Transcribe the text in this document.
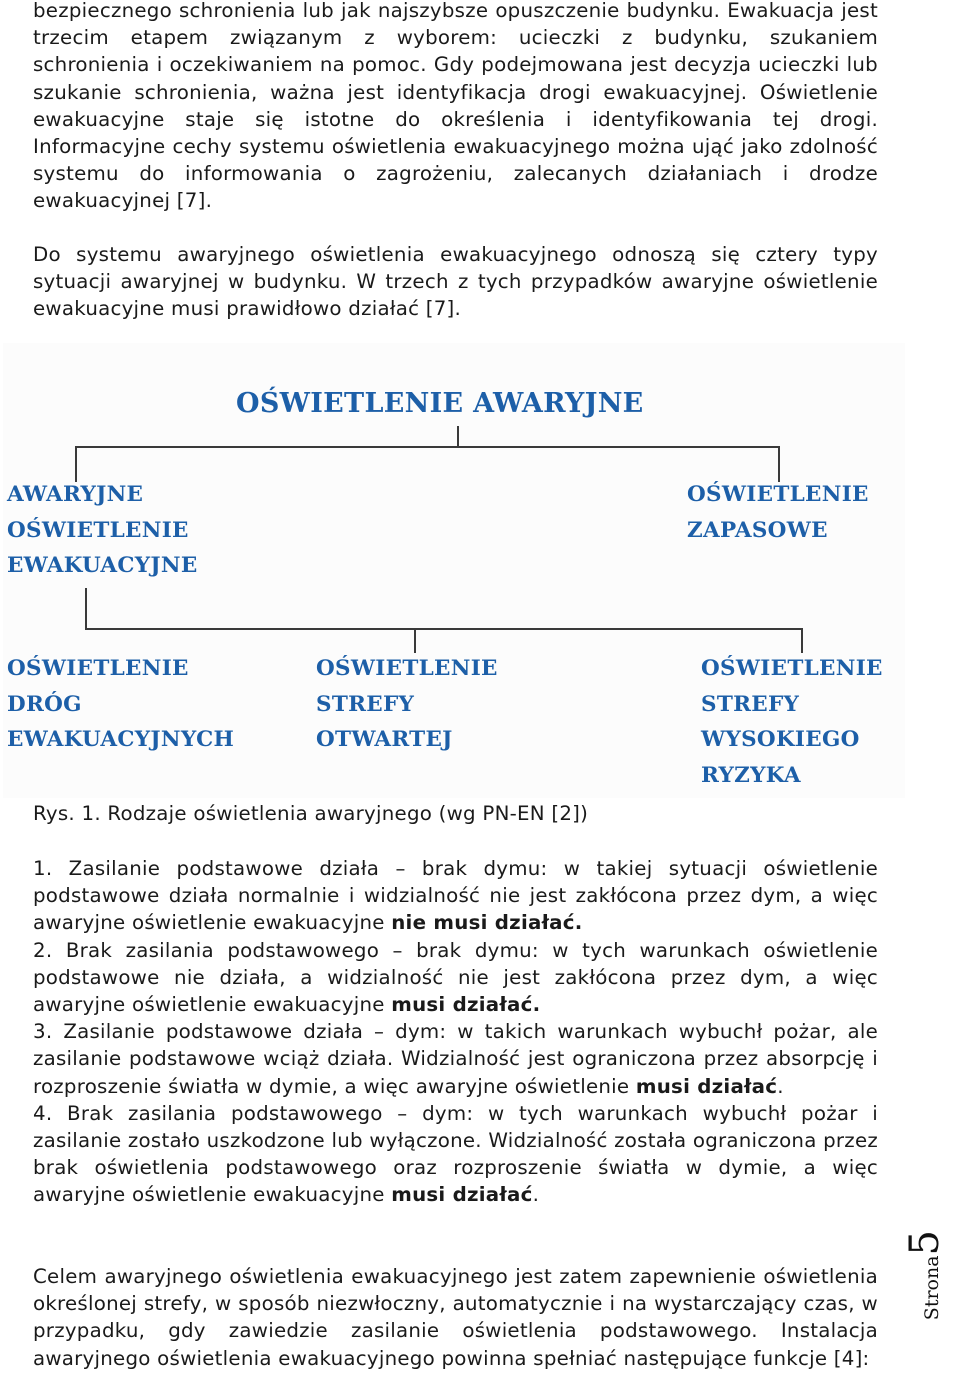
bezpiecznego schronienia lub jak najszybsze opuszczenie budynku. Ewakuacja jest trzecim etapem związanym z wyborem: ucieczki z budynku, szukaniem schronienia i oczekiwaniem na pomoc. Gdy podejmowana jest decyzja ucieczki lub szukanie schronienia, ważna jest identyfikacja drogi ewakuacyjnej. Oświetlenie ewakuacyjne staje się istotne do określenia i identyfikowania tej drogi. Informacyjne cechy systemu oświetlenia ewakuacyjnego można ująć jako zdolność systemu do informowania o zagrożeniu, zalecanych działaniach i drodze ewakuacyjnej [7].

Do systemu awaryjnego oświetlenia ewakuacyjnego odnoszą się cztery typy sytuacji awaryjnej w budynku. W trzech z tych przypadków awaryjne oświetlenie ewakuacyjne musi prawidłowo działać [7].

OŚWIETLENIE AWARYJNE
AWARYJNE
OŚWIETLENIE
EWAKUACYJNE
OŚWIETLENIE
ZAPASOWE
OŚWIETLENIE
DRÓG
EWAKUACYJNYCH
OŚWIETLENIE
STREFY
OTWARTEJ
OŚWIETLENIE
STREFY
WYSOKIEGO
RYZYKA

Rys. 1. Rodzaje oświetlenia awaryjnego (wg PN-EN [2])

1. Zasilanie podstawowe działa – brak dymu: w takiej sytuacji oświetlenie podstawowe działa normalnie i widzialność nie jest zakłócona przez dym, a więc awaryjne oświetlenie ewakuacyjne nie musi działać.

2. Brak zasilania podstawowego – brak dymu: w tych warunkach oświetlenie podstawowe nie działa, a widzialność nie jest zakłócona przez dym, a więc awaryjne oświetlenie ewakuacyjne musi działać.

3. Zasilanie podstawowe działa – dym: w takich warunkach wybuchł pożar, ale zasilanie podstawowe wciąż działa. Widzialność jest ograniczona przez absorpcję i rozproszenie światła w dymie, a więc awaryjne oświetlenie musi działać.

4. Brak zasilania podstawowego – dym: w tych warunkach wybuchł pożar i zasilanie zostało uszkodzone lub wyłączone. Widzialność została ograniczona przez brak oświetlenia podstawowego oraz rozproszenie światła w dymie, a więc awaryjne oświetlenie ewakuacyjne musi działać.

Celem awaryjnego oświetlenia ewakuacyjnego jest zatem zapewnienie oświetlenia określonej strefy, w sposób niezwłoczny, automatycznie i na wystarczający czas, w przypadku, gdy zawiedzie zasilanie oświetlenia podstawowego. Instalacja awaryjnego oświetlenia ewakuacyjnego powinna spełniać następujące funkcje [4]:

Strona5
